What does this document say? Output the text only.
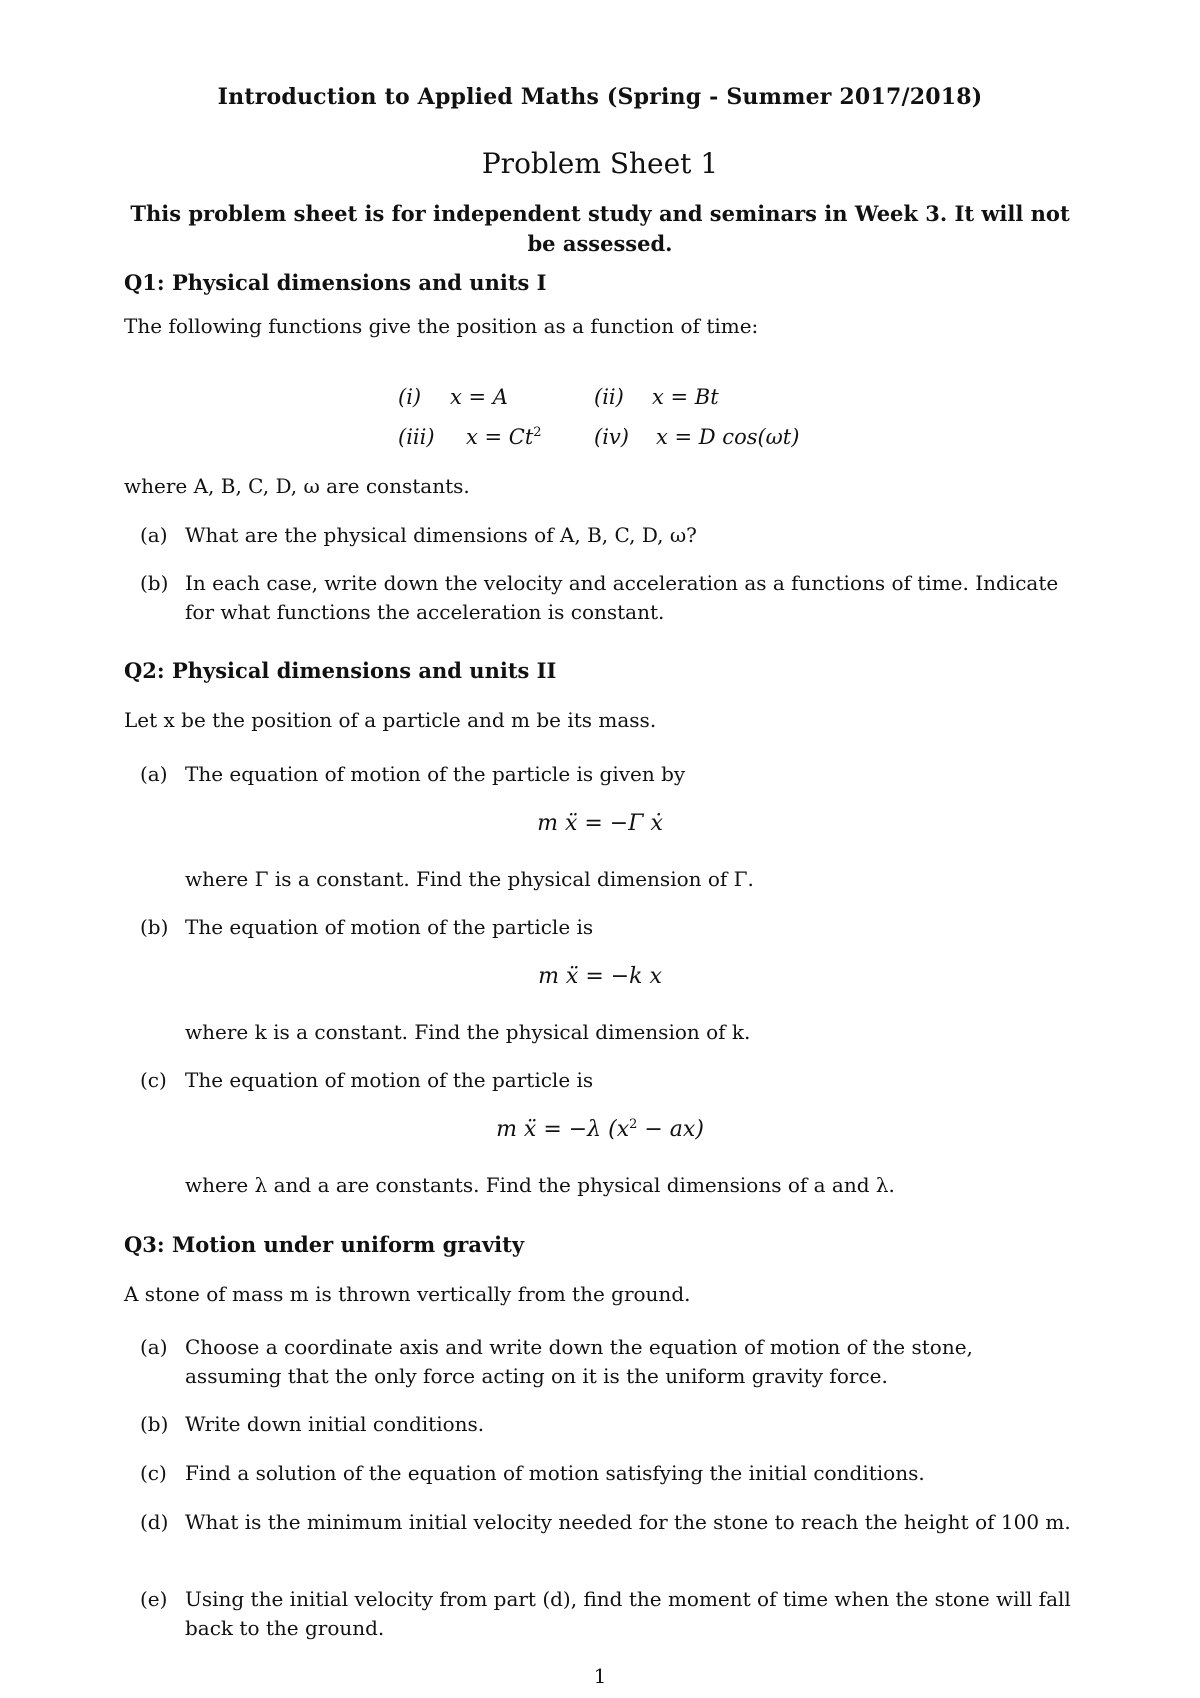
Introduction to Applied Maths (Spring - Summer 2017/2018)
Problem Sheet 1
This problem sheet is for independent study and seminars in Week 3. It will not be assessed.
Q1: Physical dimensions and units I
The following functions give the position as a function of time:
(i) x = A	(ii) x = Bt
(iii) $x = Ct^2$ (iv) x = D cos(ωt)
where A, B, C, D, ω are constants.
(a) What are the physical dimensions of A, B, C, D, ω?
(b) In each case, write down the velocity and acceleration as a functions of time. Indicate for what functions the acceleration is constant.
Q2: Physical dimensions and units II
Let x be the position of a particle and m be its mass.
(a) The equation of motion of the particle is given by
m ẍ = −Γ ẋ
where Γ is a constant. Find the physical dimension of Γ.
(b) The equation of motion of the particle is
m ẍ = −k x
where k is a constant. Find the physical dimension of k.
(c) The equation of motion of the particle is
m ẍ = −λ $(x^2 - ax)$
where λ and a are constants. Find the physical dimensions of a and λ.
Q3: Motion under uniform gravity
A stone of mass m is thrown vertically from the ground.
(a) Choose a coordinate axis and write down the equation of motion of the stone, assuming that the only force acting on it is the uniform gravity force.
(b) Write down initial conditions.
(c) Find a solution of the equation of motion satisfying the initial conditions.
(d) What is the minimum initial velocity needed for the stone to reach the height of 100 m.
(e) Using the initial velocity from part (d), find the moment of time when the stone will fall back to the ground.
1
